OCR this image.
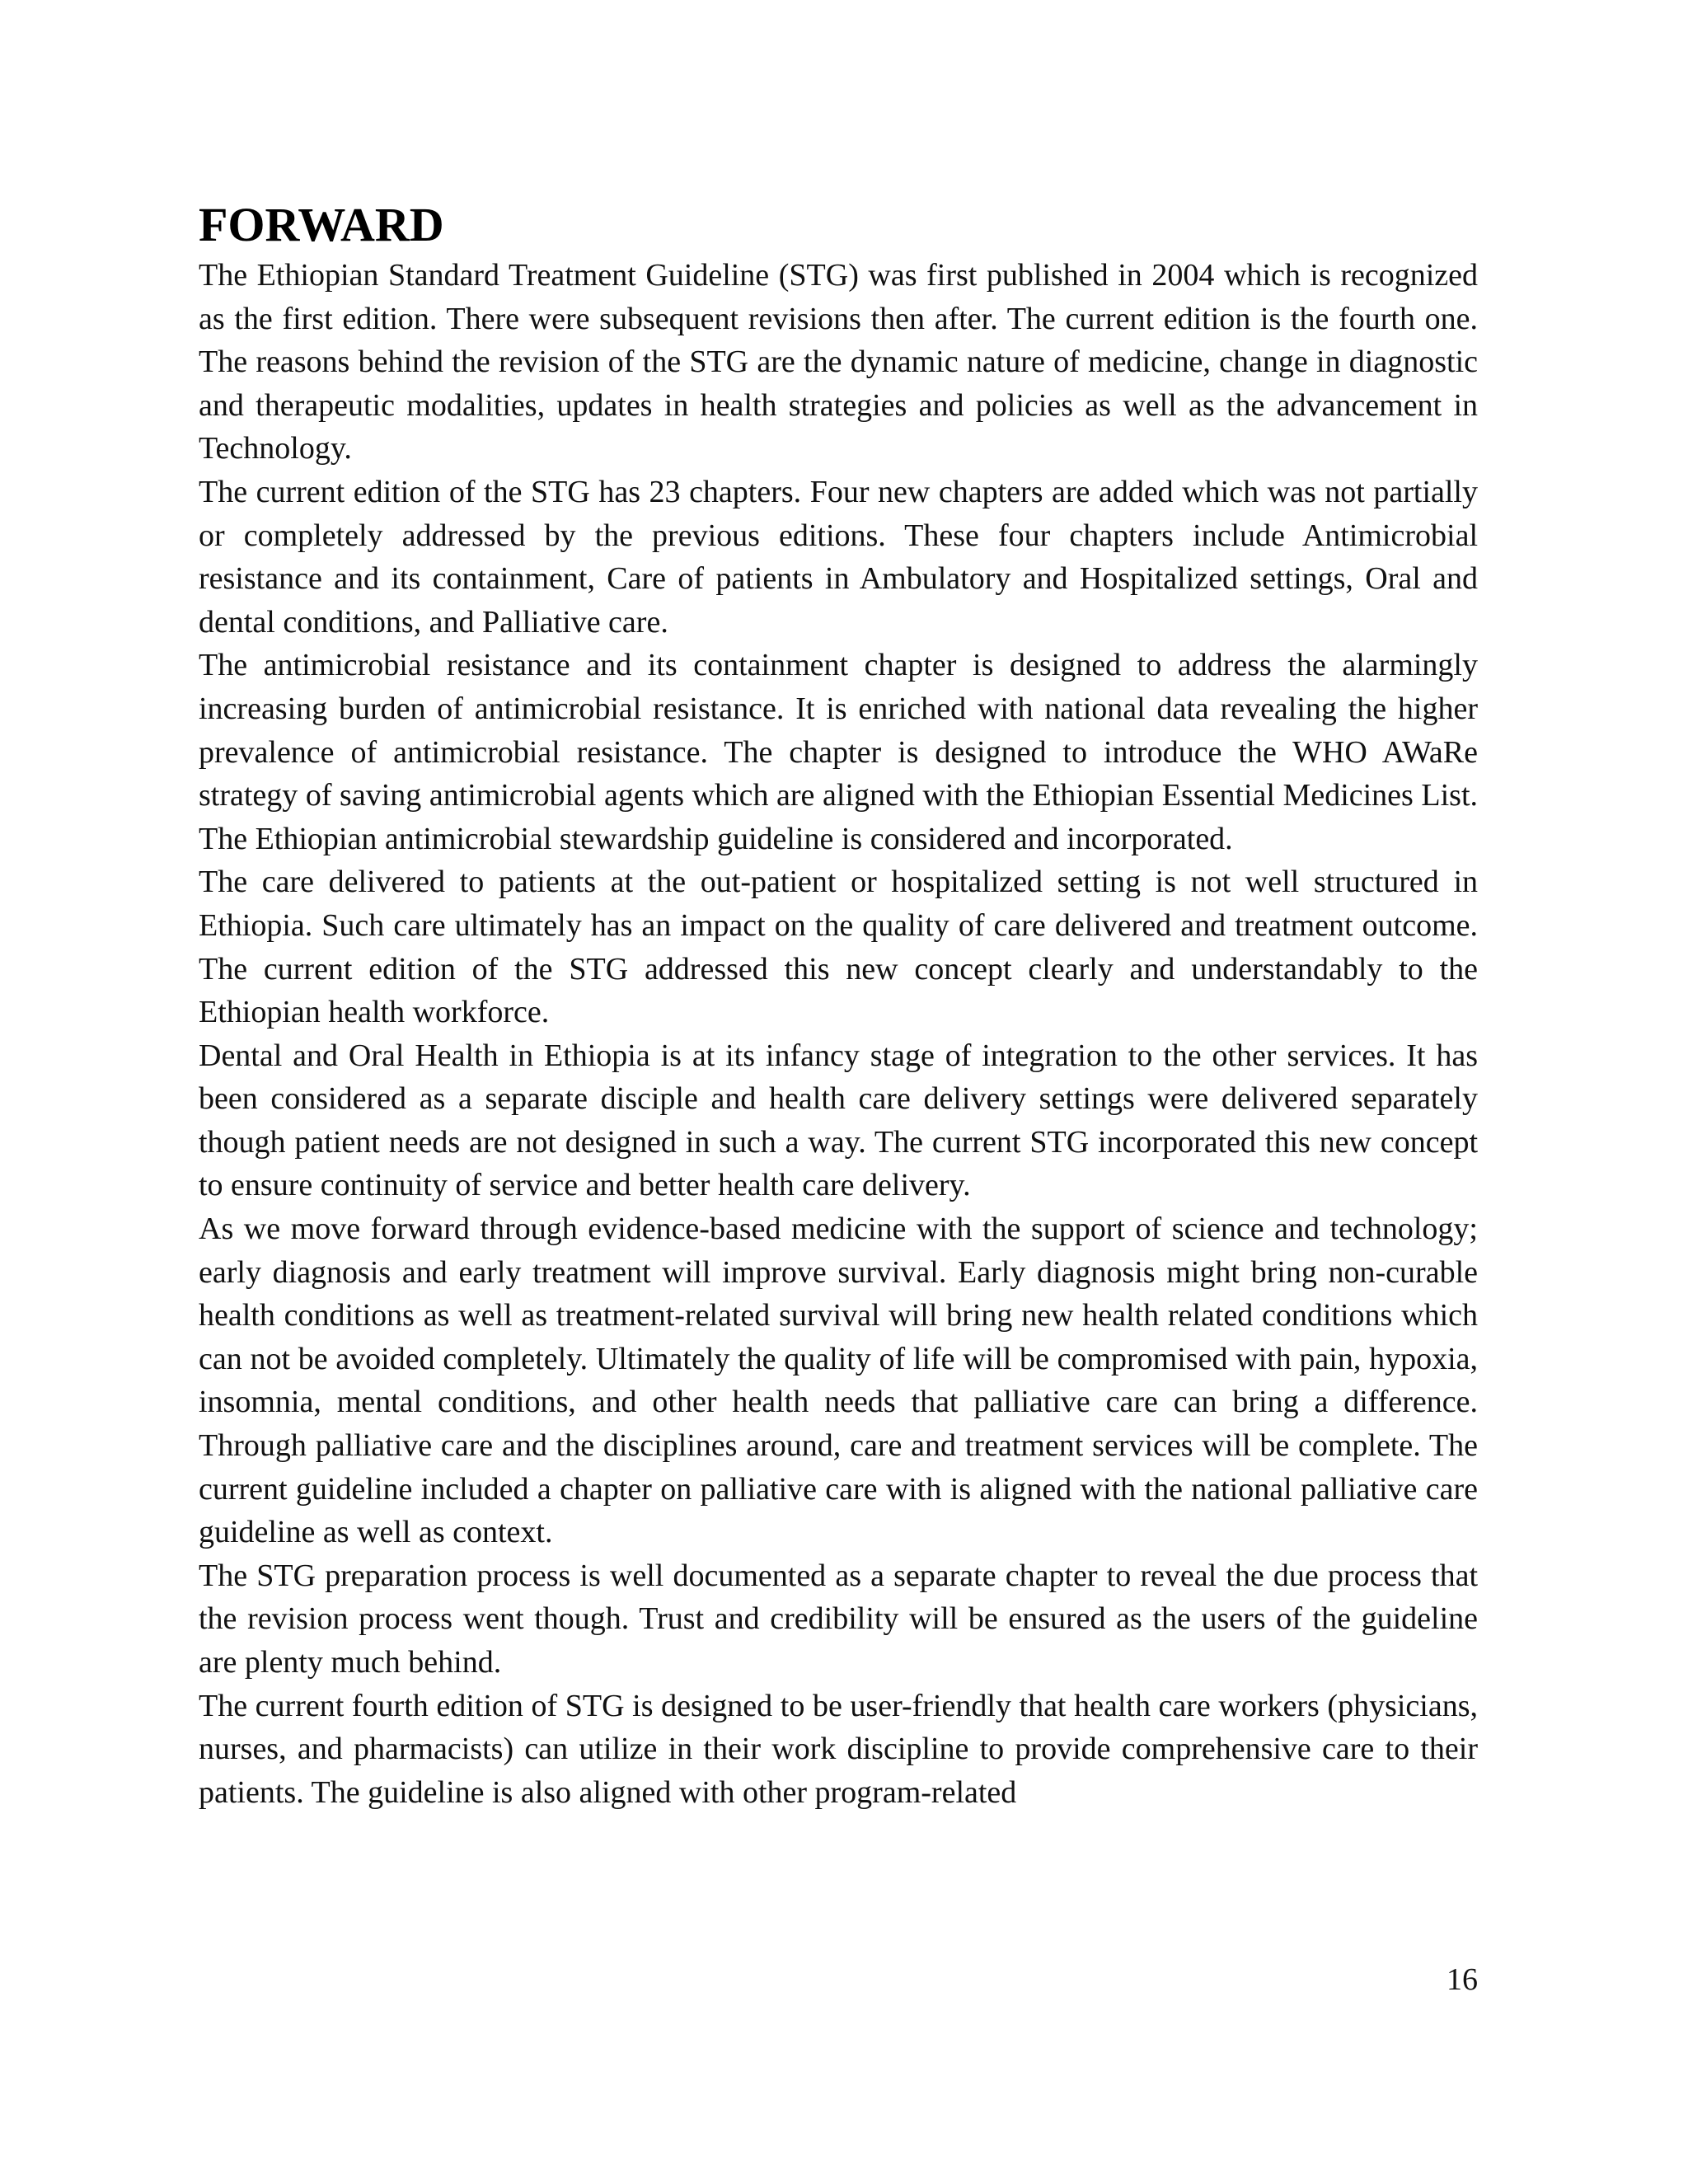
FORWARD

The Ethiopian Standard Treatment Guideline (STG) was first published in 2004 which is recognized as the first edition. There were subsequent revisions then after. The current edition is the fourth one. The reasons behind the revision of the STG are the dynamic nature of medicine, change in diagnostic and therapeutic modalities, updates in health strategies and policies as well as the advancement in Technology.

The current edition of the STG has 23 chapters. Four new chapters are added which was not partially or completely addressed by the previous editions. These four chapters include Antimicrobial resistance and its containment, Care of patients in Ambulatory and Hospitalized settings, Oral and dental conditions, and Palliative care.

The antimicrobial resistance and its containment chapter is designed to address the alarmingly increasing burden of antimicrobial resistance. It is enriched with national data revealing the higher prevalence of antimicrobial resistance. The chapter is designed to introduce the WHO AWaRe strategy of saving antimicrobial agents which are aligned with the Ethiopian Essential Medicines List. The Ethiopian antimicrobial stewardship guideline is considered and incorporated.

The care delivered to patients at the out-patient or hospitalized setting is not well structured in Ethiopia. Such care ultimately has an impact on the quality of care delivered and treatment outcome. The current edition of the STG addressed this new concept clearly and understandably to the Ethiopian health workforce.

Dental and Oral Health in Ethiopia is at its infancy stage of integration to the other services. It has been considered as a separate disciple and health care delivery settings were delivered separately though patient needs are not designed in such a way. The current STG incorporated this new concept to ensure continuity of service and better health care delivery.

As we move forward through evidence-based medicine with the support of science and technology; early diagnosis and early treatment will improve survival. Early diagnosis might bring non-curable health conditions as well as treatment-related survival will bring new health related conditions which can not be avoided completely. Ultimately the quality of life will be compromised with pain, hypoxia, insomnia, mental conditions, and other health needs that palliative care can bring a difference. Through palliative care and the disciplines around, care and treatment services will be complete. The current guideline included a chapter on palliative care with is aligned with the national palliative care guideline as well as context.

The STG preparation process is well documented as a separate chapter to reveal the due process that the revision process went though. Trust and credibility will be ensured as the users of the guideline are plenty much behind.

The current fourth edition of STG is designed to be user-friendly that health care workers (physicians, nurses, and pharmacists) can utilize in their work discipline to provide comprehensive care to their patients. The guideline is also aligned with other program-related

16
